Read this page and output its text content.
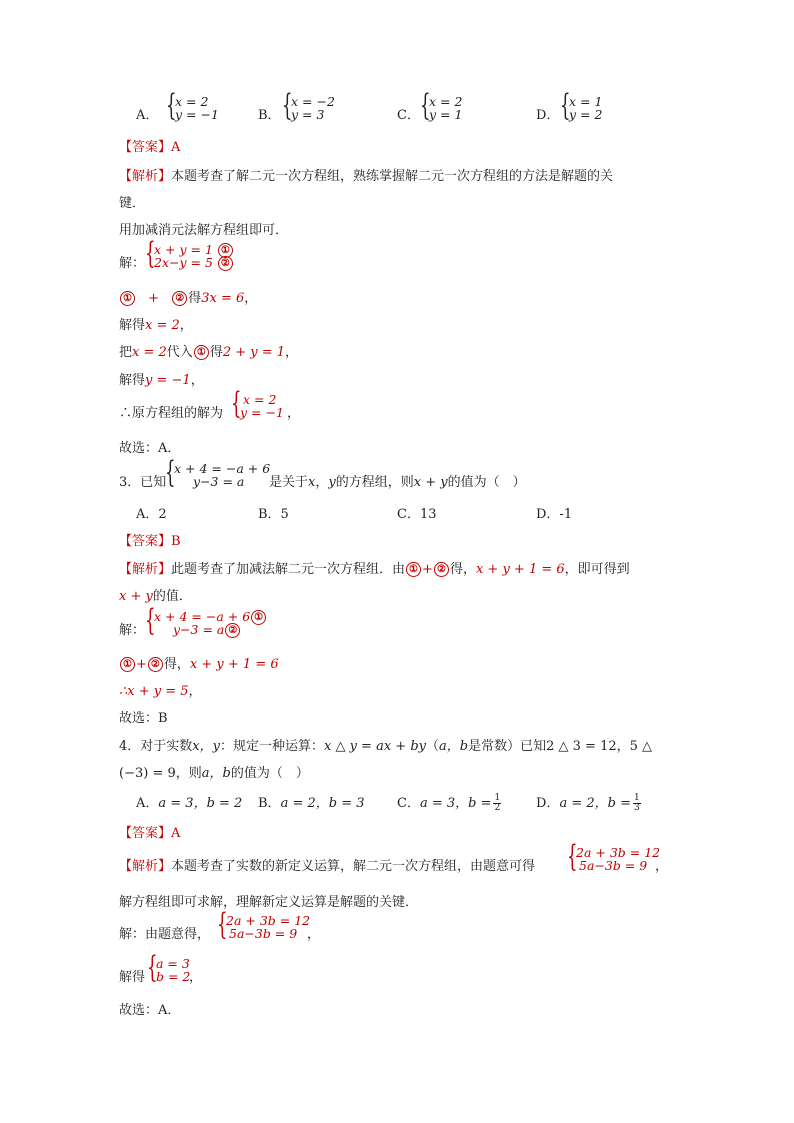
A． {
x = 2
y = −1	B． {
x = −2
y = 3	C． {
x = 2
y = 1	D． {
x = 1
y = 2
【答案】A
【解析】本题考查了解二元一次方程组，熟练掌握解二元一次方程组的方法是解题的关
键．
用加减消元法解方程组即可．
解： {
x + y = 1 ①
2x−y = 5 ②
① + ② 得3x = 6，
解得x = 2，
把x = 2代入 ① 得2 + y = 1，
解得y = −1，
∴原方程组的解为 { x = 2
y = −1 ，
故选：A．
3．已知
{
x + 4 = −a + 6
y−3 = a 是关于x，y的方程组，则x + y的值为（　）
A．2	B．5	C．13	D．-1
【答案】B
【解析】此题考查了加减法解二元一次方程组．由 ① + ② 得，x + y + 1 = 6，即可得到
x + y的值．
解： {
x + 4 = −a + 6 ①
y−3 = a ②
① + ② 得，x + y + 1 = 6
∴x + y = 5，
故选：B
4．对于实数x，y：规定一种运算：x △ y = ax + by（a，b是常数）已知2 △ 3 = 12，5 △
(−3) = 9，则a，b的值为（　）
A．a = 3，b = 2 B．a = 2，b = 3	C．a = 3，$b = \frac{1}{2}$	D．a = 2，$b = \frac{1}{3}$
【答案】A
【解析】本题考查了实数的新定义运算，解二元一次方程组，由题意可得 {
2a + 3b = 12
5a−3b = 9 ，
解方程组即可求解，理解新定义运算是解题的关键．
解：由题意得， {
2a + 3b = 12
5a−3b = 9 ，
解得 {
a = 3
b = 2
，
故选：A．
